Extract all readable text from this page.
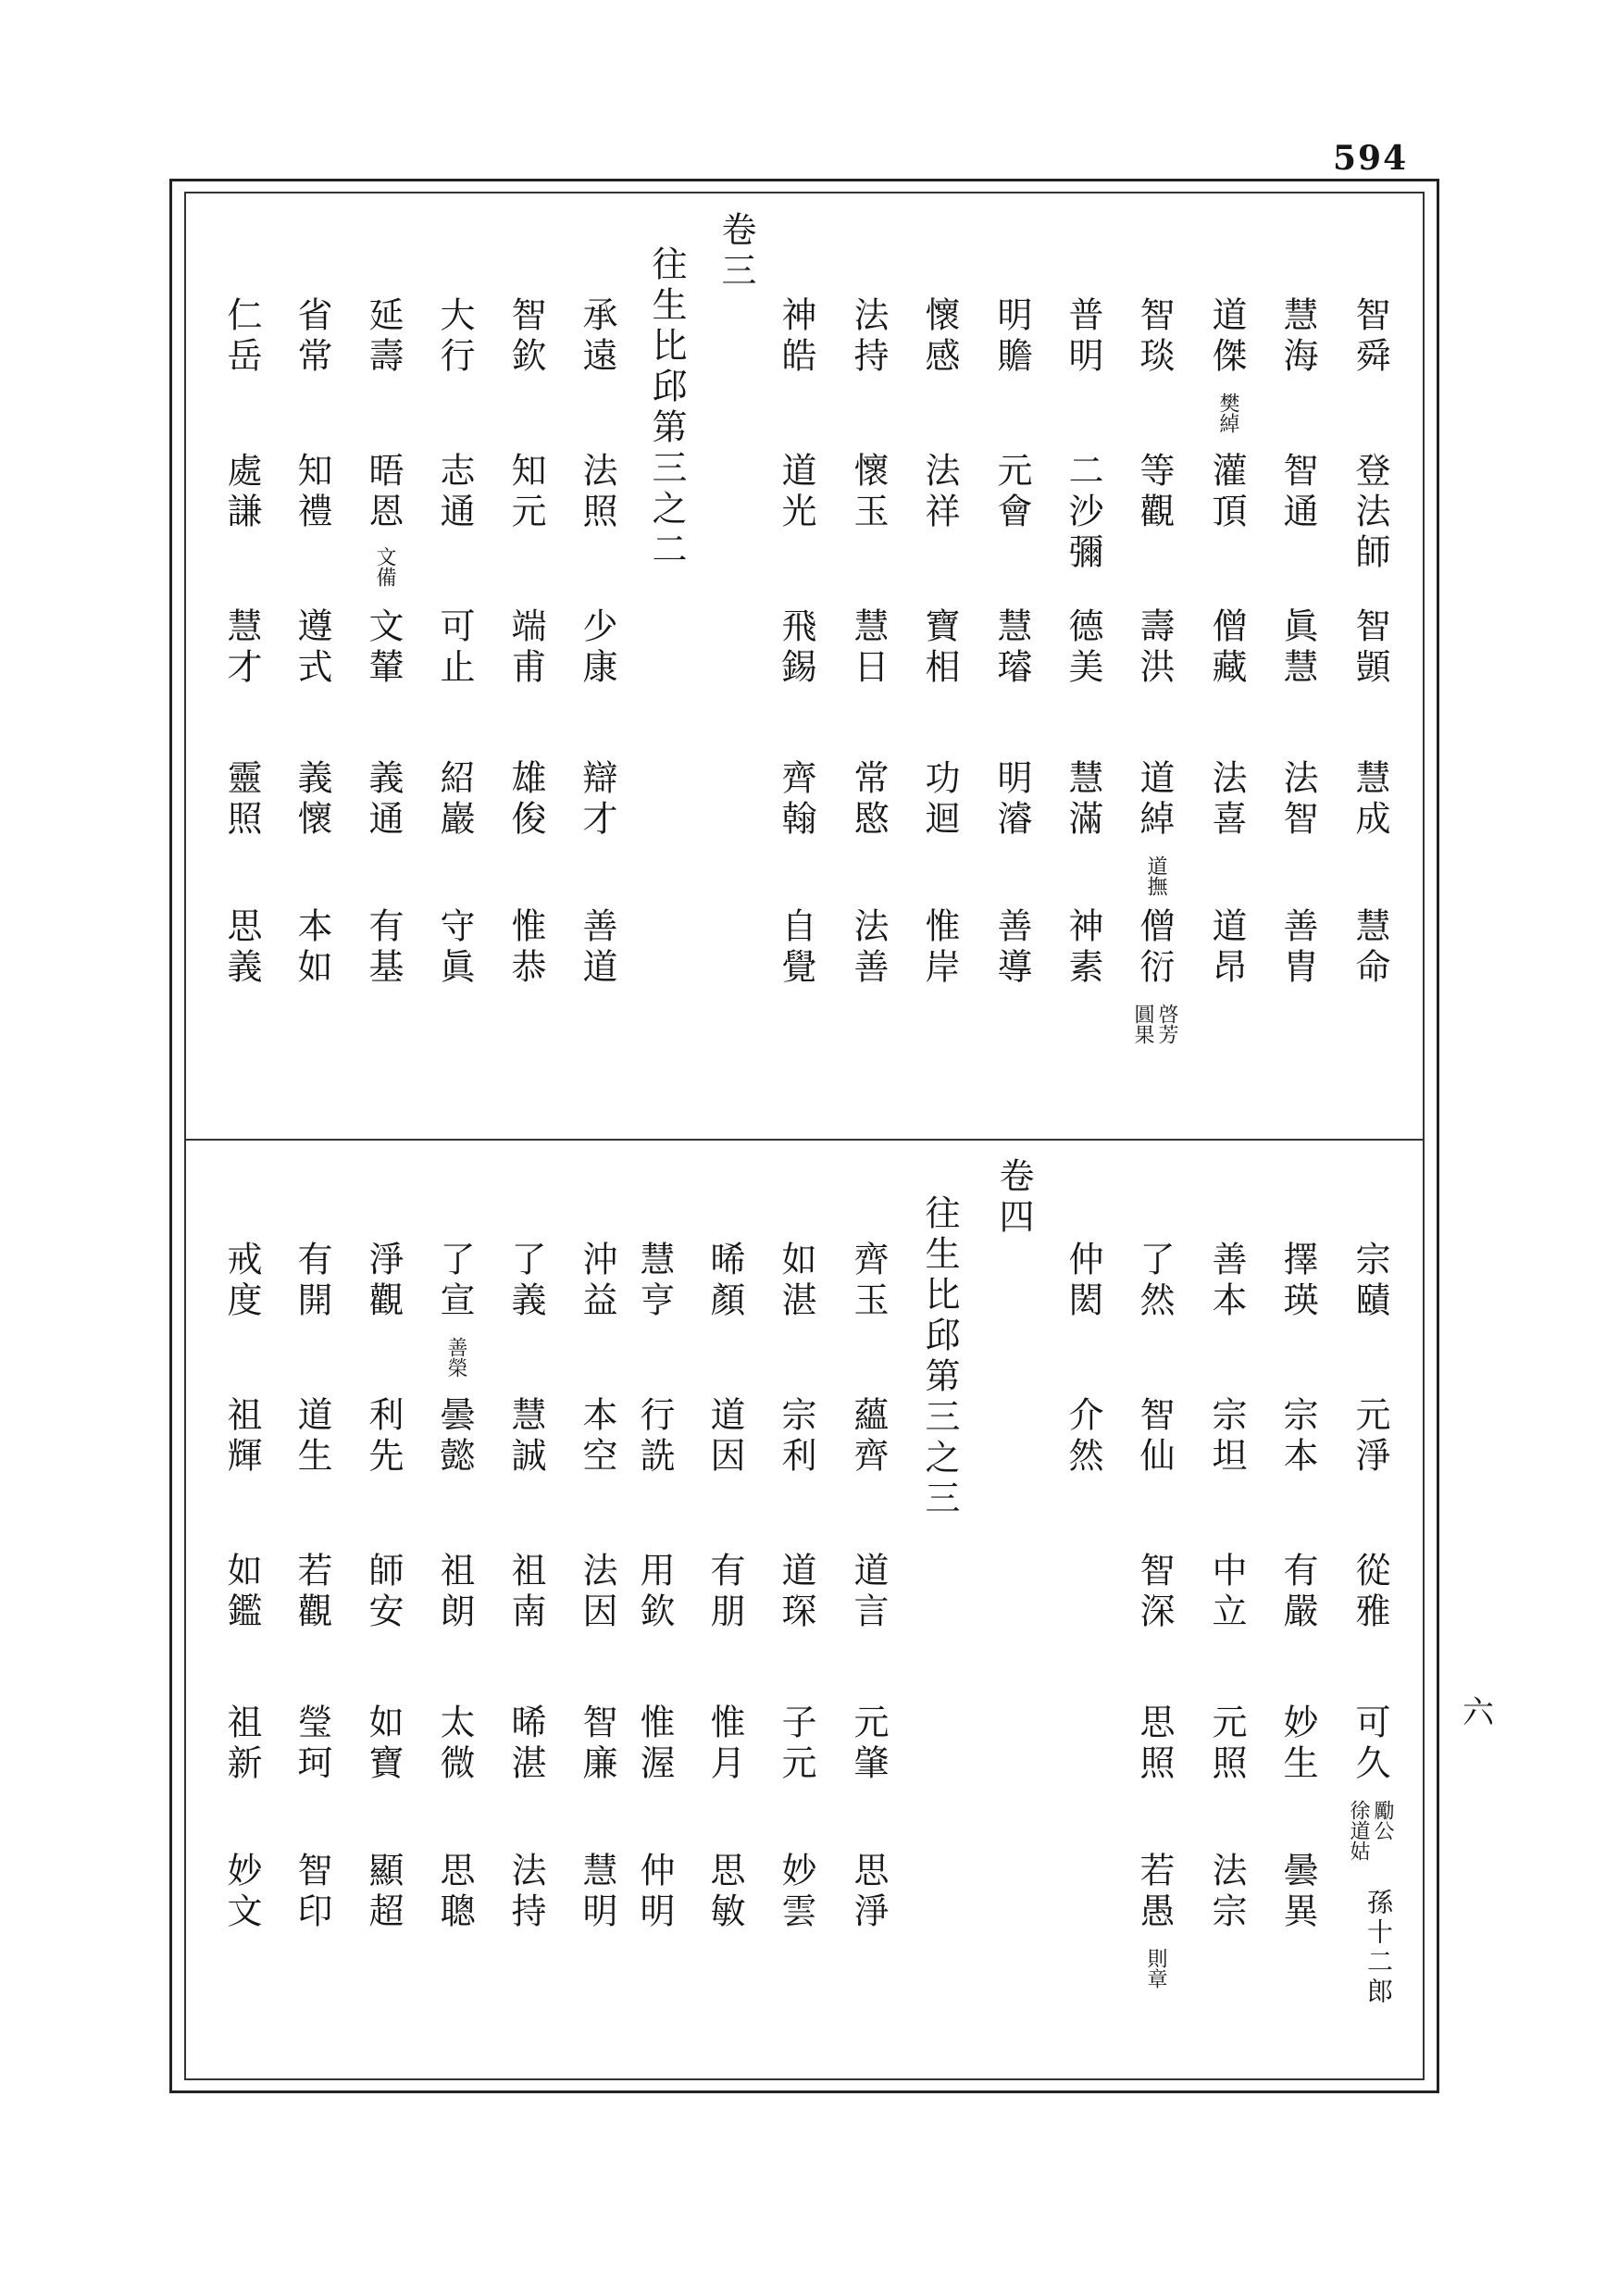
594
六
智舜
登法師
智顗
慧成
慧命
慧海
智通
眞慧
法智
善胄
道傑
樊綽
灌頂
僧藏
法喜
道昂
智琰
等觀
壽洪
道綽
道撫
僧衍
啓芳
圓果
普明
二沙彌
德美
慧滿
神素
明贍
元會
慧璿
明濬
善導
懷感
法祥
寶相
功迴
惟岸
法持
懷玉
慧日
常愍
法善
神皓
道光
飛錫
齊翰
自覺
卷三
往生比邱第三之二
承遠
法照
少康
辯才
善道
智欽
知元
端甫
雄俊
惟恭
大行
志通
可止
紹巖
守眞
延壽
晤恩
文備
文輦
義通
有基
省常
知禮
遵式
義懷
本如
仁岳
處謙
慧才
靈照
思義
宗賾
元淨
從雅
可久
勵公
徐道姑
孫十二郎
擇瑛
宗本
有嚴
妙生
曇異
善本
宗坦
中立
元照
法宗
了然
智仙
智深
思照
若愚
則章
仲閎
介然
卷四
往生比邱第三之三
齊玉
蘊齊
道言
元肇
思淨
如湛
宗利
道琛
子元
妙雲
晞顏
道因
有朋
惟月
思敏
慧亨
行詵
用欽
惟渥
仲明
沖益
本空
法因
智廉
慧明
了義
慧誠
祖南
晞湛
法持
了宣
善榮
曇懿
祖朗
太微
思聰
淨觀
利先
師安
如寶
顯超
有開
道生
若觀
瑩珂
智印
戒度
祖輝
如鑑
祖新
妙文
